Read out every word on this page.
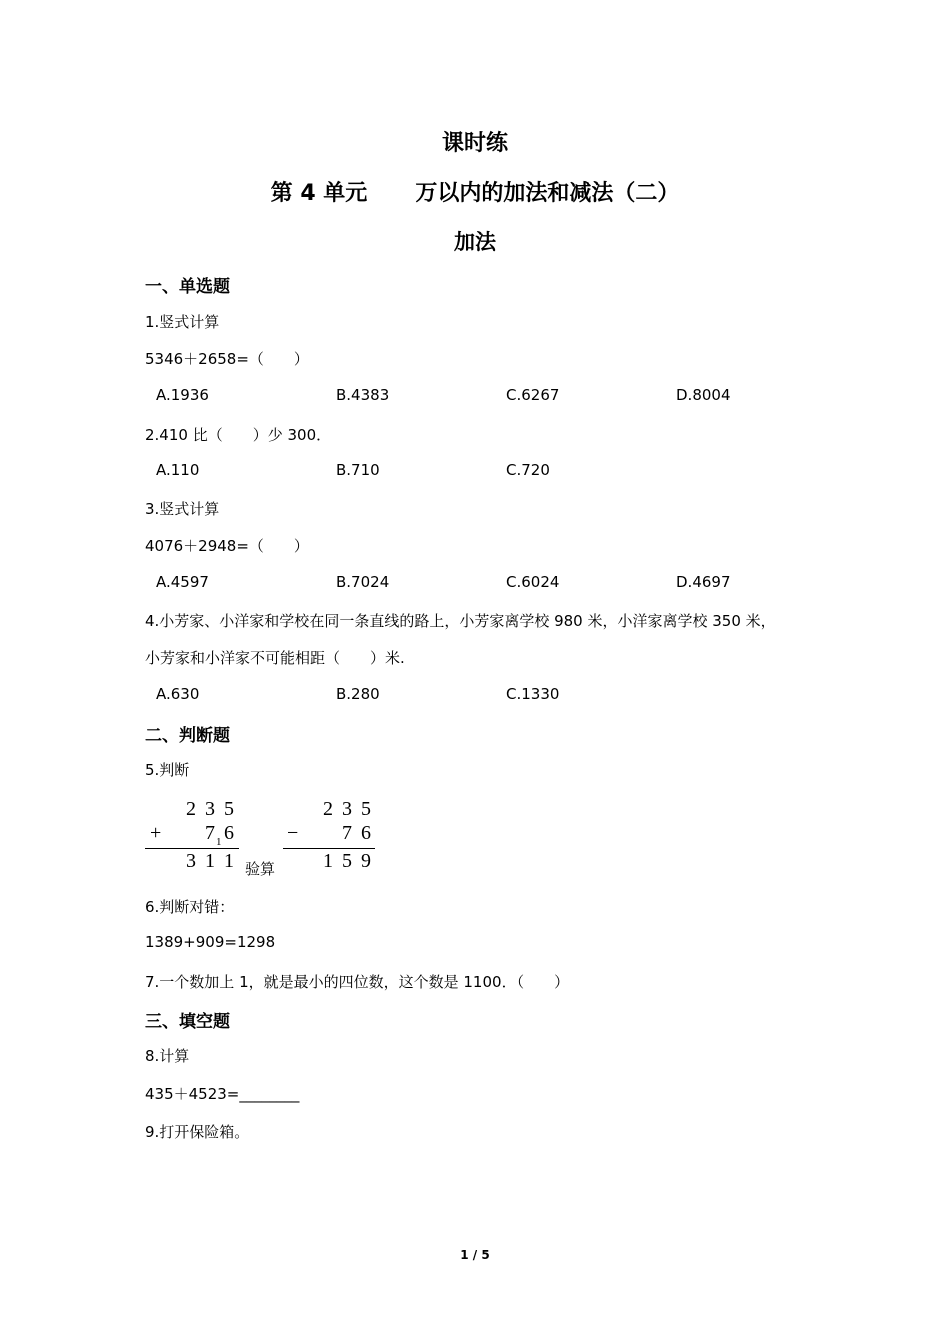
课时练
第 4 单元 万以内的加法和减法（二）
加法
一、单选题
1.竖式计算
5346＋2658=（　　）
A.1936	B.4383	C.6267	D.8004
2.410 比（　　）少 300．
A.110	B.710	C.720
3.竖式计算
4076＋2948=（　　）
A.4597	B.7024	C.6024	D.4697
4.小芳家、小洋家和学校在同一条直线的路上，小芳家离学校 980 米，小洋家离学校 350 米，
小芳家和小洋家不可能相距（　　）米.
A.630	B.280	C.1330
二、判断题
5.判断
2 3 5
+ 7 1 6
3 1 1 验算
2 3 5
− 7 6
1 5 9
6.判断对错：
1389+909=1298
7.一个数加上 1，就是最小的四位数，这个数是 1100．（　　）
三、填空题
8.计算
435＋4523=________
9.打开保险箱。
1 / 5
